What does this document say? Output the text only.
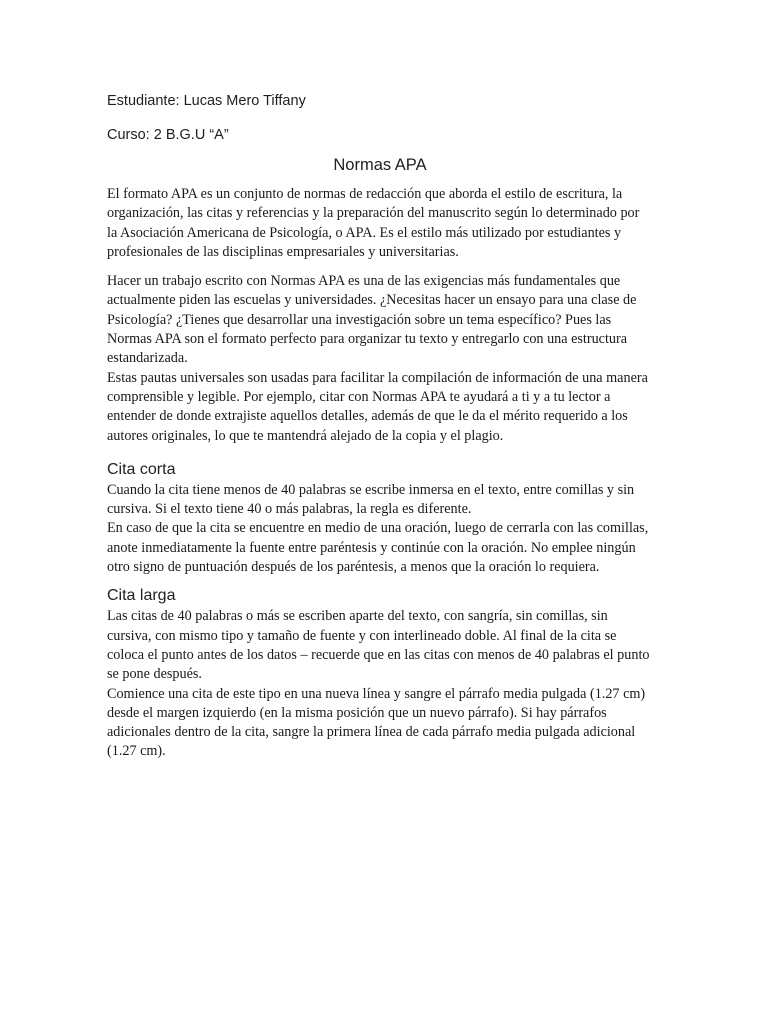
Estudiante: Lucas Mero Tiffany

Curso: 2 B.G.U “A”

Normas APA

El formato APA es un conjunto de normas de redacción que aborda el estilo de escritura, la organización, las citas y referencias y la preparación del manuscrito según lo determinado por la Asociación Americana de Psicología, o APA. Es el estilo más utilizado por estudiantes y profesionales de las disciplinas empresariales y universitarias.

Hacer un trabajo escrito con Normas APA es una de las exigencias más fundamentales que actualmente piden las escuelas y universidades. ¿Necesitas hacer un ensayo para una clase de Psicología? ¿Tienes que desarrollar una investigación sobre un tema específico? Pues las Normas APA son el formato perfecto para organizar tu texto y entregarlo con una estructura estandarizada.

Estas pautas universales son usadas para facilitar la compilación de información de una manera comprensible y legible. Por ejemplo, citar con Normas APA te ayudará a ti y a tu lector a entender de donde extrajiste aquellos detalles, además de que le da el mérito requerido a los autores originales, lo que te mantendrá alejado de la copia y el plagio.

Cita corta

Cuando la cita tiene menos de 40 palabras se escribe inmersa en el texto, entre comillas y sin cursiva. Si el texto tiene 40 o más palabras, la regla es diferente.

En caso de que la cita se encuentre en medio de una oración, luego de cerrarla con las comillas, anote inmediatamente la fuente entre paréntesis y continúe con la oración. No emplee ningún otro signo de puntuación después de los paréntesis, a menos que la oración lo requiera.

Cita larga

Las citas de 40 palabras o más se escriben aparte del texto, con sangría, sin comillas, sin cursiva, con mismo tipo y tamaño de fuente y con interlineado doble. Al final de la cita se coloca el punto antes de los datos – recuerde que en las citas con menos de 40 palabras el punto se pone después.

Comience una cita de este tipo en una nueva línea y sangre el párrafo media pulgada (1.27 cm) desde el margen izquierdo (en la misma posición que un nuevo párrafo). Si hay párrafos adicionales dentro de la cita, sangre la primera línea de cada párrafo media pulgada adicional (1.27 cm).
